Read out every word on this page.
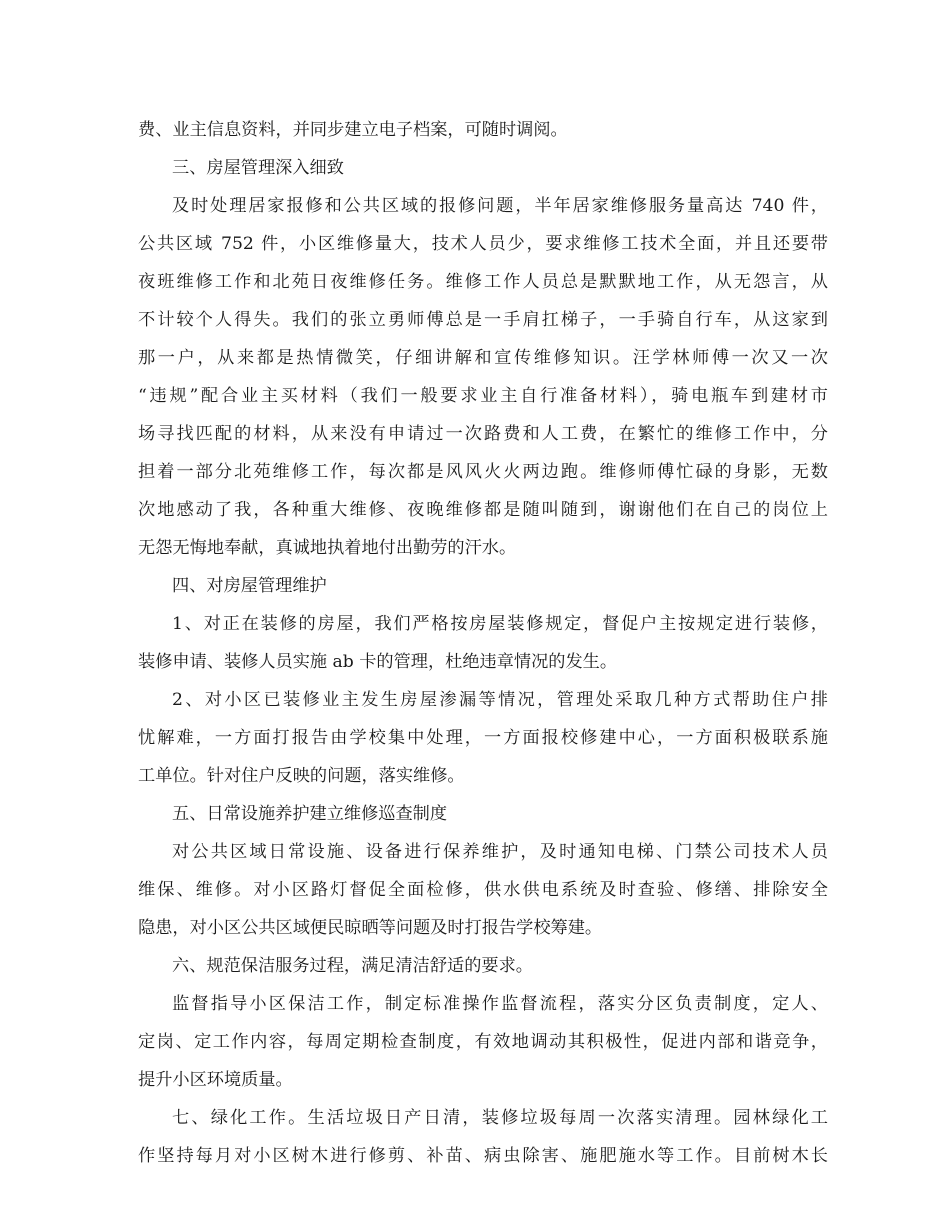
费、业主信息资料，并同步建立电子档案，可随时调阅。
三、房屋管理深入细致
及时处理居家报修和公共区域的报修问题，半年居家维修服务量高达 740 件，
公共区域 752 件，小区维修量大，技术人员少，要求维修工技术全面，并且还要带
夜班维修工作和北苑日夜维修任务。维修工作人员总是默默地工作，从无怨言，从
不计较个人得失。我们的张立勇师傅总是一手肩扛梯子，一手骑自行车，从这家到
那一户，从来都是热情微笑，仔细讲解和宣传维修知识。汪学林师傅一次又一次
“违规”配合业主买材料（我们一般要求业主自行准备材料），骑电瓶车到建材市
场寻找匹配的材料，从来没有申请过一次路费和人工费，在繁忙的维修工作中，分
担着一部分北苑维修工作，每次都是风风火火两边跑。维修师傅忙碌的身影，无数
次地感动了我，各种重大维修、夜晚维修都是随叫随到，谢谢他们在自己的岗位上
无怨无悔地奉献，真诚地执着地付出勤劳的汗水。
四、对房屋管理维护
1、对正在装修的房屋，我们严格按房屋装修规定，督促户主按规定进行装修，
装修申请、装修人员实施 ab 卡的管理，杜绝违章情况的发生。
2、对小区已装修业主发生房屋渗漏等情况，管理处采取几种方式帮助住户排
忧解难，一方面打报告由学校集中处理，一方面报校修建中心，一方面积极联系施
工单位。针对住户反映的问题，落实维修。
五、日常设施养护建立维修巡查制度
对公共区域日常设施、设备进行保养维护，及时通知电梯、门禁公司技术人员
维保、维修。对小区路灯督促全面检修，供水供电系统及时查验、修缮、排除安全
隐患，对小区公共区域便民晾晒等问题及时打报告学校筹建。
六、规范保洁服务过程，满足清洁舒适的要求。
监督指导小区保洁工作，制定标准操作监督流程，落实分区负责制度，定人、
定岗、定工作内容，每周定期检查制度，有效地调动其积极性，促进内部和谐竞争，
提升小区环境质量。
七、绿化工作。生活垃圾日产日清，装修垃圾每周一次落实清理。园林绿化工
作坚持每月对小区树木进行修剪、补苗、病虫除害、施肥施水等工作。目前树木长
